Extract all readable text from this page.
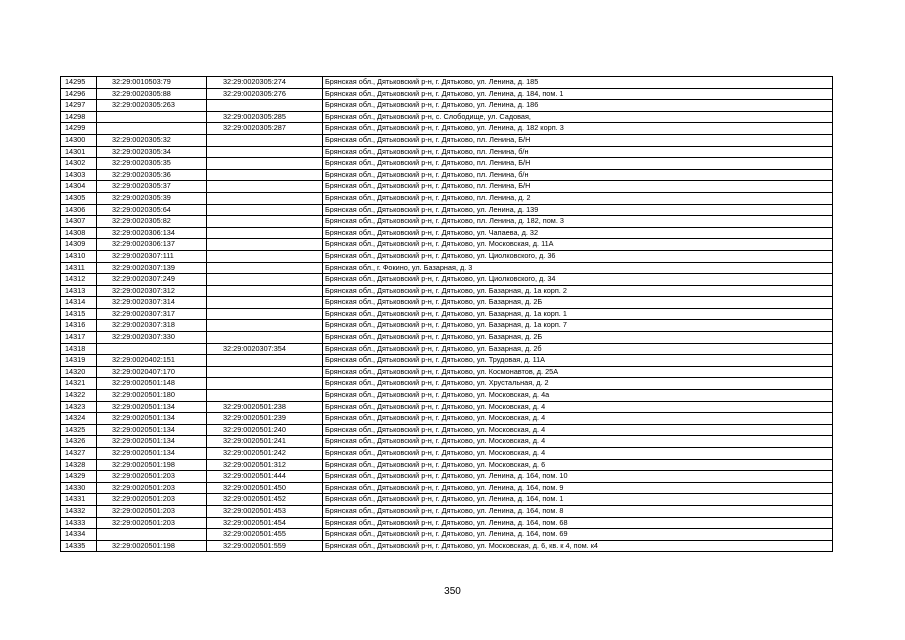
14295	32:29:0010503:79	32:29:0020305:274	Брянская обл., Дятьковский р-н, г. Дятьково, ул. Ленина, д. 185
14296	32:29:0020305:88	32:29:0020305:276	Брянская обл., Дятьковский р-н, г. Дятьково, ул. Ленина, д. 184, пом. 1
14297	32:29:0020305:263		Брянская обл., Дятьковский р-н, г. Дятьково, ул. Ленина, д. 186
14298		32:29:0020305:285	Брянская обл., Дятьковский р-н, с. Слободище, ул. Садовая,
14299		32:29:0020305:287	Брянская обл., Дятьковский р-н, г. Дятьково, ул. Ленина, д. 182 корп. 3
14300	32:29:0020305:32		Брянская обл., Дятьковский р-н, г. Дятьково, пл. Ленина, Б/Н
14301	32:29:0020305:34		Брянская обл., Дятьковский р-н, г. Дятьково, пл. Ленина, б/н
14302	32:29:0020305:35		Брянская обл., Дятьковский р-н, г. Дятьково, пл. Ленина, Б/Н
14303	32:29:0020305:36		Брянская обл., Дятьковский р-н, г. Дятьково, пл. Ленина, б/н
14304	32:29:0020305:37		Брянская обл., Дятьковский р-н, г. Дятьково, пл. Ленина, Б/Н
14305	32:29:0020305:39		Брянская обл., Дятьковский р-н, г. Дятьково, пл. Ленина, д. 2
14306	32:29:0020305:64		Брянская обл., Дятьковский р-н, г. Дятьково, ул. Ленина, д. 139
14307	32:29:0020305:82		Брянская обл., Дятьковский р-н, г. Дятьково, пл. Ленина, д. 182, пом. 3
14308	32:29:0020306:134		Брянская обл., Дятьковский р-н, г. Дятьково, ул. Чапаева, д. 32
14309	32:29:0020306:137		Брянская обл., Дятьковский р-н, г. Дятьково, ул. Московская, д. 11А
14310	32:29:0020307:111		Брянская обл., Дятьковский р-н, г. Дятьково, ул. Циолковского, д. 36
14311	32:29:0020307:139		Брянская обл., г. Фокино, ул. Базарная, д. 3
14312	32:29:0020307:249		Брянская обл., Дятьковский р-н, г. Дятьково, ул. Циолковского, д. 34
14313	32:29:0020307:312		Брянская обл., Дятьковский р-н, г. Дятьково, ул. Базарная, д. 1а корп. 2
14314	32:29:0020307:314		Брянская обл., Дятьковский р-н, г. Дятьково, ул. Базарная, д. 2Б
14315	32:29:0020307:317		Брянская обл., Дятьковский р-н, г. Дятьково, ул. Базарная, д. 1а корп. 1
14316	32:29:0020307:318		Брянская обл., Дятьковский р-н, г. Дятьково, ул. Базарная, д. 1а корп. 7
14317	32:29:0020307:330		Брянская обл., Дятьковский р-н, г. Дятьково, ул. Базарная, д. 2Б
14318		32:29:0020307:354	Брянская обл., Дятьковский р-н, г. Дятьково, ул. Базарная, д. 2б
14319	32:29:0020402:151		Брянская обл., Дятьковский р-н, г. Дятьково, ул. Трудовая, д. 11А
14320	32:29:0020407:170		Брянская обл., Дятьковский р-н, г. Дятьково, ул. Космонавтов, д. 25А
14321	32:29:0020501:148		Брянская обл., Дятьковский р-н, г. Дятьково, ул. Хрустальная, д. 2
14322	32:29:0020501:180		Брянская обл., Дятьковский р-н, г. Дятьково, ул. Московская, д. 4а
14323	32:29:0020501:134	32:29:0020501:238	Брянская обл., Дятьковский р-н, г. Дятьково, ул. Московская, д. 4
14324	32:29:0020501:134	32:29:0020501:239	Брянская обл., Дятьковский р-н, г. Дятьково, ул. Московская, д. 4
14325	32:29:0020501:134	32:29:0020501:240	Брянская обл., Дятьковский р-н, г. Дятьково, ул. Московская, д. 4
14326	32:29:0020501:134	32:29:0020501:241	Брянская обл., Дятьковский р-н, г. Дятьково, ул. Московская, д. 4
14327	32:29:0020501:134	32:29:0020501:242	Брянская обл., Дятьковский р-н, г. Дятьково, ул. Московская, д. 4
14328	32:29:0020501:198	32:29:0020501:312	Брянская обл., Дятьковский р-н, г. Дятьково, ул. Московская, д. 6
14329	32:29:0020501:203	32:29:0020501:444	Брянская обл., Дятьковский р-н, г. Дятьково, ул. Ленина, д. 164, пом. 10
14330	32:29:0020501:203	32:29:0020501:450	Брянская обл., Дятьковский р-н, г. Дятьково, ул. Ленина, д. 164, пом. 9
14331	32:29:0020501:203	32:29:0020501:452	Брянская обл., Дятьковский р-н, г. Дятьково, ул. Ленина, д. 164, пом. 1
14332	32:29:0020501:203	32:29:0020501:453	Брянская обл., Дятьковский р-н, г. Дятьково, ул. Ленина, д. 164, пом. 8
14333	32:29:0020501:203	32:29:0020501:454	Брянская обл., Дятьковский р-н, г. Дятьково, ул. Ленина, д. 164, пом. 68
14334		32:29:0020501:455	Брянская обл., Дятьковский р-н, г. Дятьково, ул. Ленина, д. 164, пом. 69
14335	32:29:0020501:198	32:29:0020501:559	Брянская обл., Дятьковский р-н, г. Дятьково, ул. Московская, д. 6, кв. к 4, пом. к4
350
